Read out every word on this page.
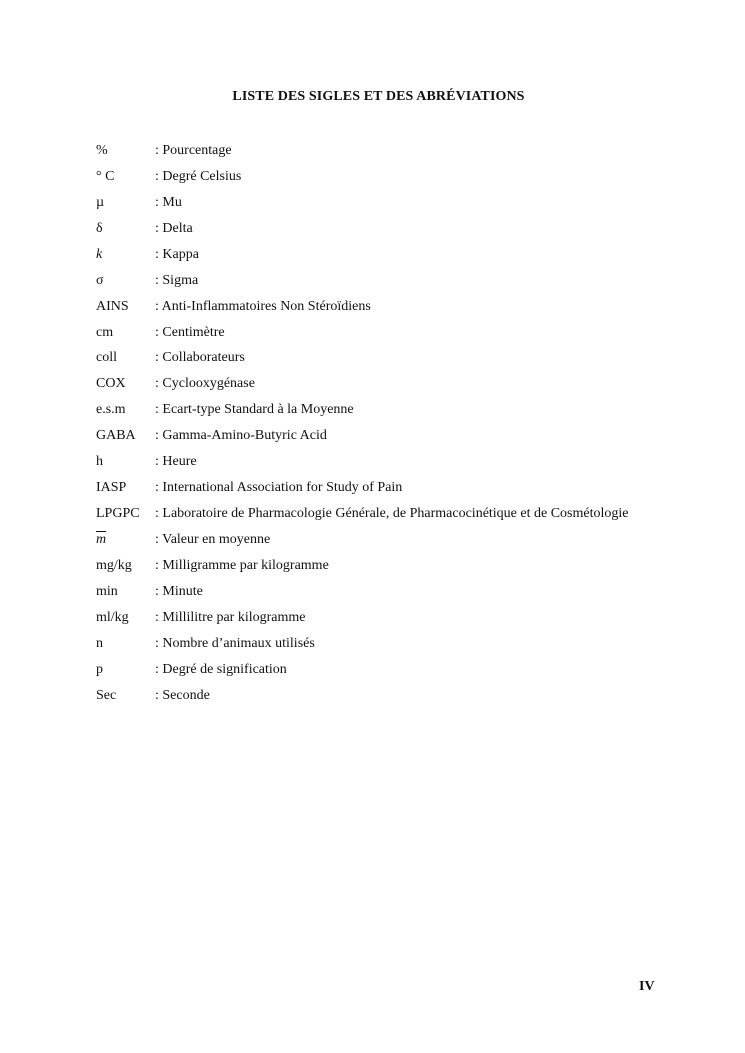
LISTE DES SIGLES ET DES ABRÉVIATIONS
%	: Pourcentage
° C	: Degré Celsius
µ	: Mu
δ	: Delta
k	: Kappa
σ	: Sigma
AINS	: Anti-Inflammatoires Non Stéroïdiens
cm	: Centimètre
coll	: Collaborateurs
COX	: Cyclooxygénase
e.s.m	: Ecart-type Standard à la Moyenne
GABA	: Gamma-Amino-Butyric Acid
h	: Heure
IASP	: International Association for Study of Pain
LPGPC	: Laboratoire de Pharmacologie Générale, de Pharmacocinétique et de Cosmétologie
$\overline{m}$	: Valeur en moyenne
mg/kg	: Milligramme par kilogramme
min	: Minute
ml/kg	: Millilitre par kilogramme
n	: Nombre d’animaux utilisés
p	: Degré de signification
Sec	: Seconde
IV
